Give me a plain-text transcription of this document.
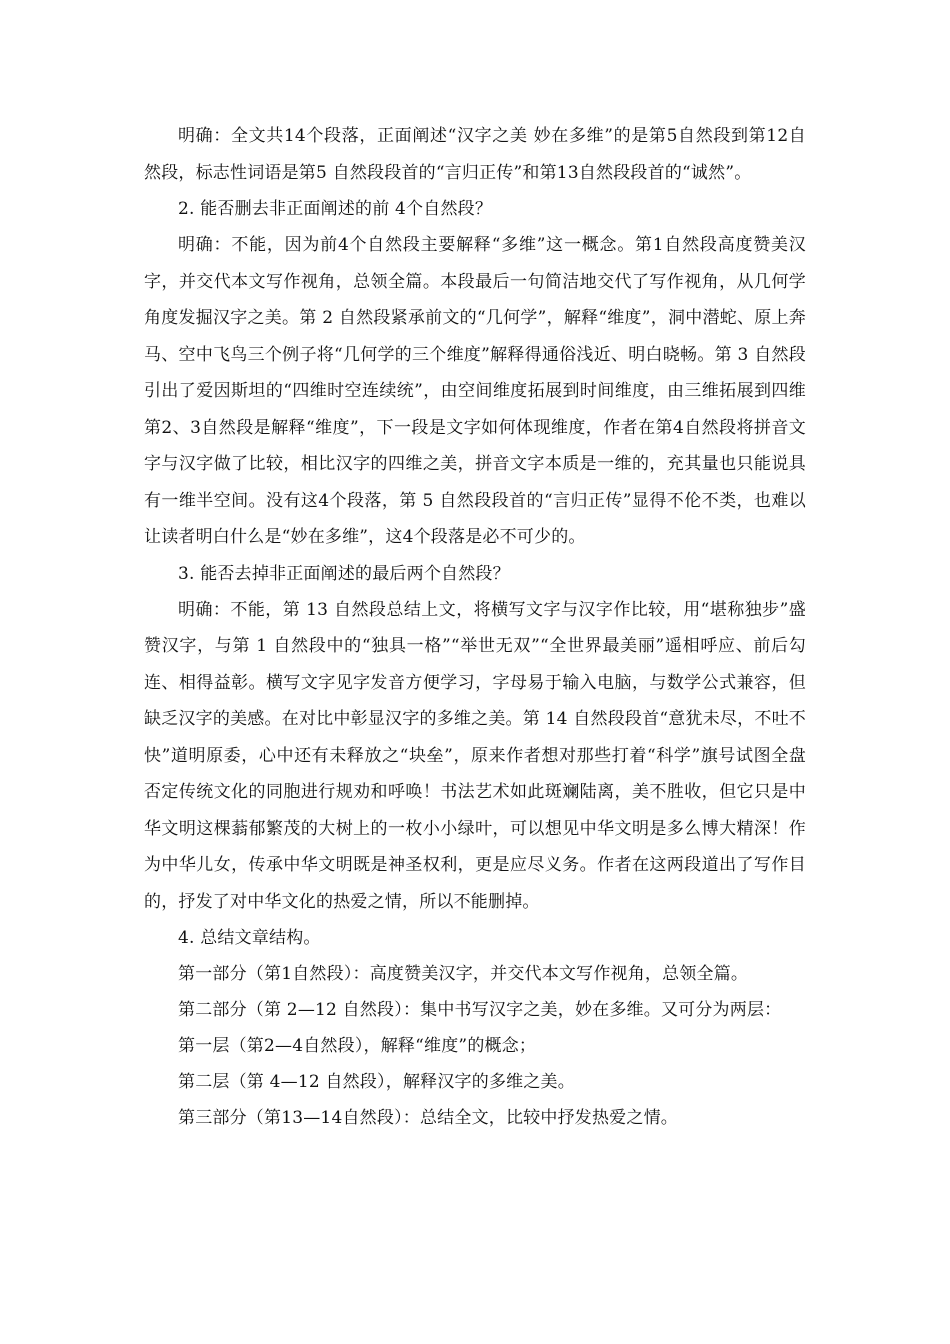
明确：全文共14个段落，正面阐述“汉字之美 妙在多维”的是第5自然段到第12自然段，标志性词语是第5 自然段段首的“言归正传”和第13自然段段首的“诚然”。

2. 能否删去非正面阐述的前 4个自然段？

明确：不能，因为前4个自然段主要解释“多维”这一概念。第1自然段高度赞美汉字，并交代本文写作视角，总领全篇。本段最后一句简洁地交代了写作视角，从几何学角度发掘汉字之美。第 2 自然段紧承前文的“几何学”，解释“维度”，洞中潜蛇、原上奔马、空中飞鸟三个例子将“几何学的三个维度”解释得通俗浅近、明白晓畅。第 3 自然段引出了爱因斯坦的“四维时空连续统”，由空间维度拓展到时间维度，由三维拓展到四维第2、3自然段是解释“维度”，下一段是文字如何体现维度，作者在第4自然段将拼音文字与汉字做了比较，相比汉字的四维之美，拼音文字本质是一维的，充其量也只能说具有一维半空间。没有这4个段落，第 5 自然段段首的“言归正传”显得不伦不类，也难以让读者明白什么是“妙在多维”，这4个段落是必不可少的。

3. 能否去掉非正面阐述的最后两个自然段？

明确：不能，第 13 自然段总结上文，将横写文字与汉字作比较，用“堪称独步”盛赞汉字，与第 1 自然段中的“独具一格”“举世无双”“全世界最美丽”遥相呼应、前后勾连、相得益彰。横写文字见字发音方便学习，字母易于输入电脑，与数学公式兼容，但缺乏汉字的美感。在对比中彰显汉字的多维之美。第 14 自然段段首“意犹未尽，不吐不快”道明原委，心中还有未释放之“块垒”，原来作者想对那些打着“科学”旗号试图全盘否定传统文化的同胞进行规劝和呼唤！书法艺术如此斑斓陆离，美不胜收，但它只是中华文明这棵蓊郁繁茂的大树上的一枚小小绿叶，可以想见中华文明是多么博大精深！作为中华儿女，传承中华文明既是神圣权利，更是应尽义务。作者在这两段道出了写作目的，抒发了对中华文化的热爱之情，所以不能删掉。

4. 总结文章结构。

第一部分（第1自然段）：高度赞美汉字，并交代本文写作视角，总领全篇。

第二部分（第 2—12 自然段）：集中书写汉字之美，妙在多维。又可分为两层：

第一层（第2—4自然段），解释“维度”的概念；

第二层（第 4—12 自然段），解释汉字的多维之美。

第三部分（第13—14自然段）：总结全文，比较中抒发热爱之情。
